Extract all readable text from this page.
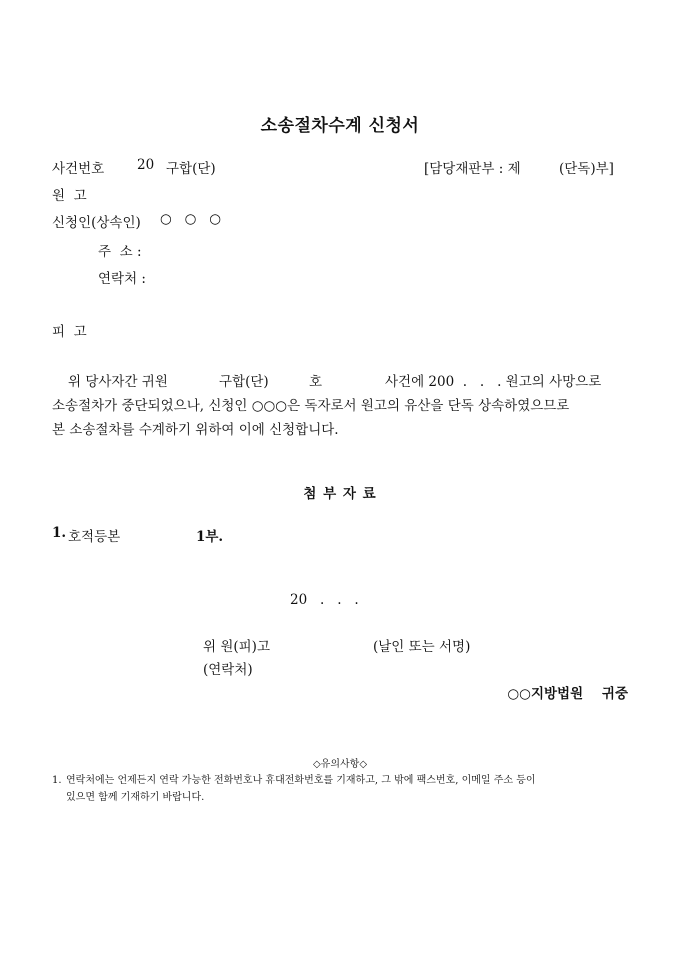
소송절차수계 신청서
사건번호 20 구합(단)	[담당재판부 : 제	(단독)부]
원  고
신청인(상속인) ○   ○   ○
주  소 :
연락처 :
피  고
위 당사자간 귀원	구합(단)	호	사건에 200  .   .   . 원고의 사망으로
소송절차가 중단되었으나, 신청인 ○○○은 독자로서 원고의 유산을 단독 상속하였으므로
본 소송절차를 수계하기 위하여 이에 신청합니다.
첨 부 자 료
1. 호적등본	1부.
20   .   .   .
위 원(피)고	(날인 또는 서명)
(연락처)
○○지방법원    귀중
◇유의사항◇
1. 연락처에는 언제든지 연락 가능한 전화번호나 휴대전화번호를 기재하고, 그 밖에 팩스번호, 이메일 주소 등이
있으면 함께 기재하기 바랍니다.
